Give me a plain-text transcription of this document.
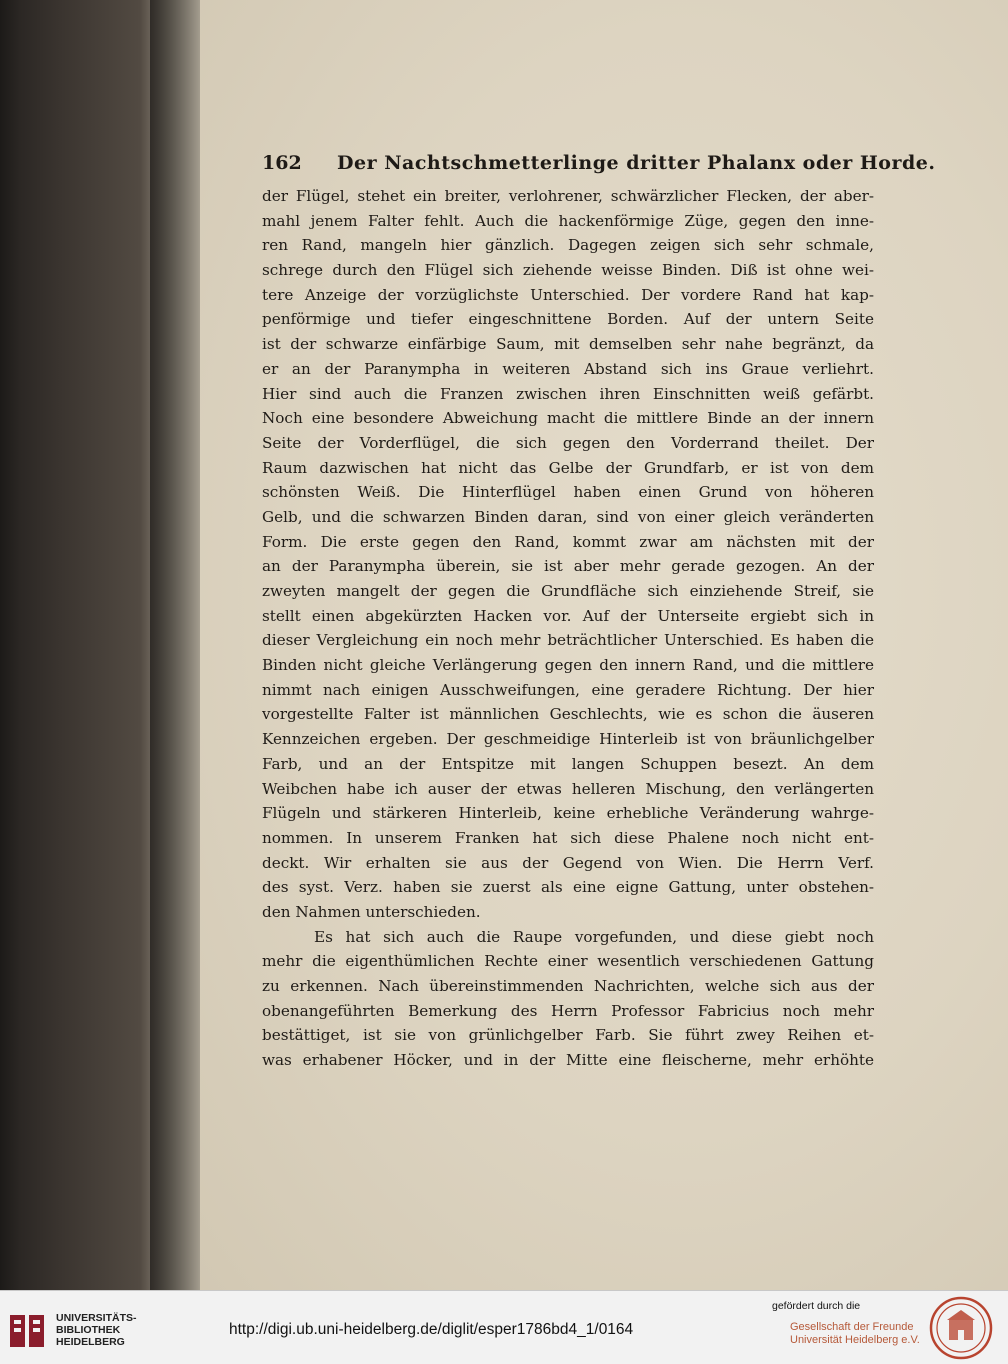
162 Der Nachtschmetterlinge dritter Phalanx oder Horde.
der Flügel, stehet ein breiter, verlohrener, schwärzlicher Flecken, der aber-
mahl jenem Falter fehlt. Auch die hackenförmige Züge, gegen den inne-
ren Rand, mangeln hier gänzlich. Dagegen zeigen sich sehr schmale,
schrege durch den Flügel sich ziehende weisse Binden. Diß ist ohne wei-
tere Anzeige der vorzüglichste Unterschied. Der vordere Rand hat kap-
penförmige und tiefer eingeschnittene Borden. Auf der untern Seite
ist der schwarze einfärbige Saum, mit demselben sehr nahe begränzt, da
er an der Paranympha in weiteren Abstand sich ins Graue verliehrt.
Hier sind auch die Franzen zwischen ihren Einschnitten weiß gefärbt.
Noch eine besondere Abweichung macht die mittlere Binde an der innern
Seite der Vorderflügel, die sich gegen den Vorderrand theilet. Der
Raum dazwischen hat nicht das Gelbe der Grundfarb, er ist von dem
schönsten Weiß. Die Hinterflügel haben einen Grund von höheren
Gelb, und die schwarzen Binden daran, sind von einer gleich veränderten
Form. Die erste gegen den Rand, kommt zwar am nächsten mit der
an der Paranympha überein, sie ist aber mehr gerade gezogen. An der
zweyten mangelt der gegen die Grundfläche sich einziehende Streif, sie
stellt einen abgekürzten Hacken vor. Auf der Unterseite ergiebt sich in
dieser Vergleichung ein noch mehr beträchtlicher Unterschied. Es haben die
Binden nicht gleiche Verlängerung gegen den innern Rand, und die mittlere
nimmt nach einigen Ausschweifungen, eine geradere Richtung. Der hier
vorgestellte Falter ist männlichen Geschlechts, wie es schon die äuseren
Kennzeichen ergeben. Der geschmeidige Hinterleib ist von bräunlichgelber
Farb, und an der Entspitze mit langen Schuppen besezt. An dem
Weibchen habe ich auser der etwas helleren Mischung, den verlängerten
Flügeln und stärkeren Hinterleib, keine erhebliche Veränderung wahrge-
nommen. In unserem Franken hat sich diese Phalene noch nicht ent-
deckt. Wir erhalten sie aus der Gegend von Wien. Die Herrn Verf.
des syst. Verz. haben sie zuerst als eine eigne Gattung, unter obstehen-
den Nahmen unterschieden.
Es hat sich auch die Raupe vorgefunden, und diese giebt noch
mehr die eigenthümlichen Rechte einer wesentlich verschiedenen Gattung
zu erkennen. Nach übereinstimmenden Nachrichten, welche sich aus der
obenangeführten Bemerkung des Herrn Professor Fabricius noch mehr
bestättiget, ist sie von grünlichgelber Farb. Sie führt zwey Reihen et-
was erhabener Höcker, und in der Mitte eine fleischerne, mehr erhöhte
UNIVERSITÄTS-
BIBLIOTHEK
HEIDELBERG
http://digi.ub.uni-heidelberg.de/diglit/esper1786bd4_1/0164
gefördert durch die
Gesellschaft der Freunde
Universität Heidelberg e.V.
